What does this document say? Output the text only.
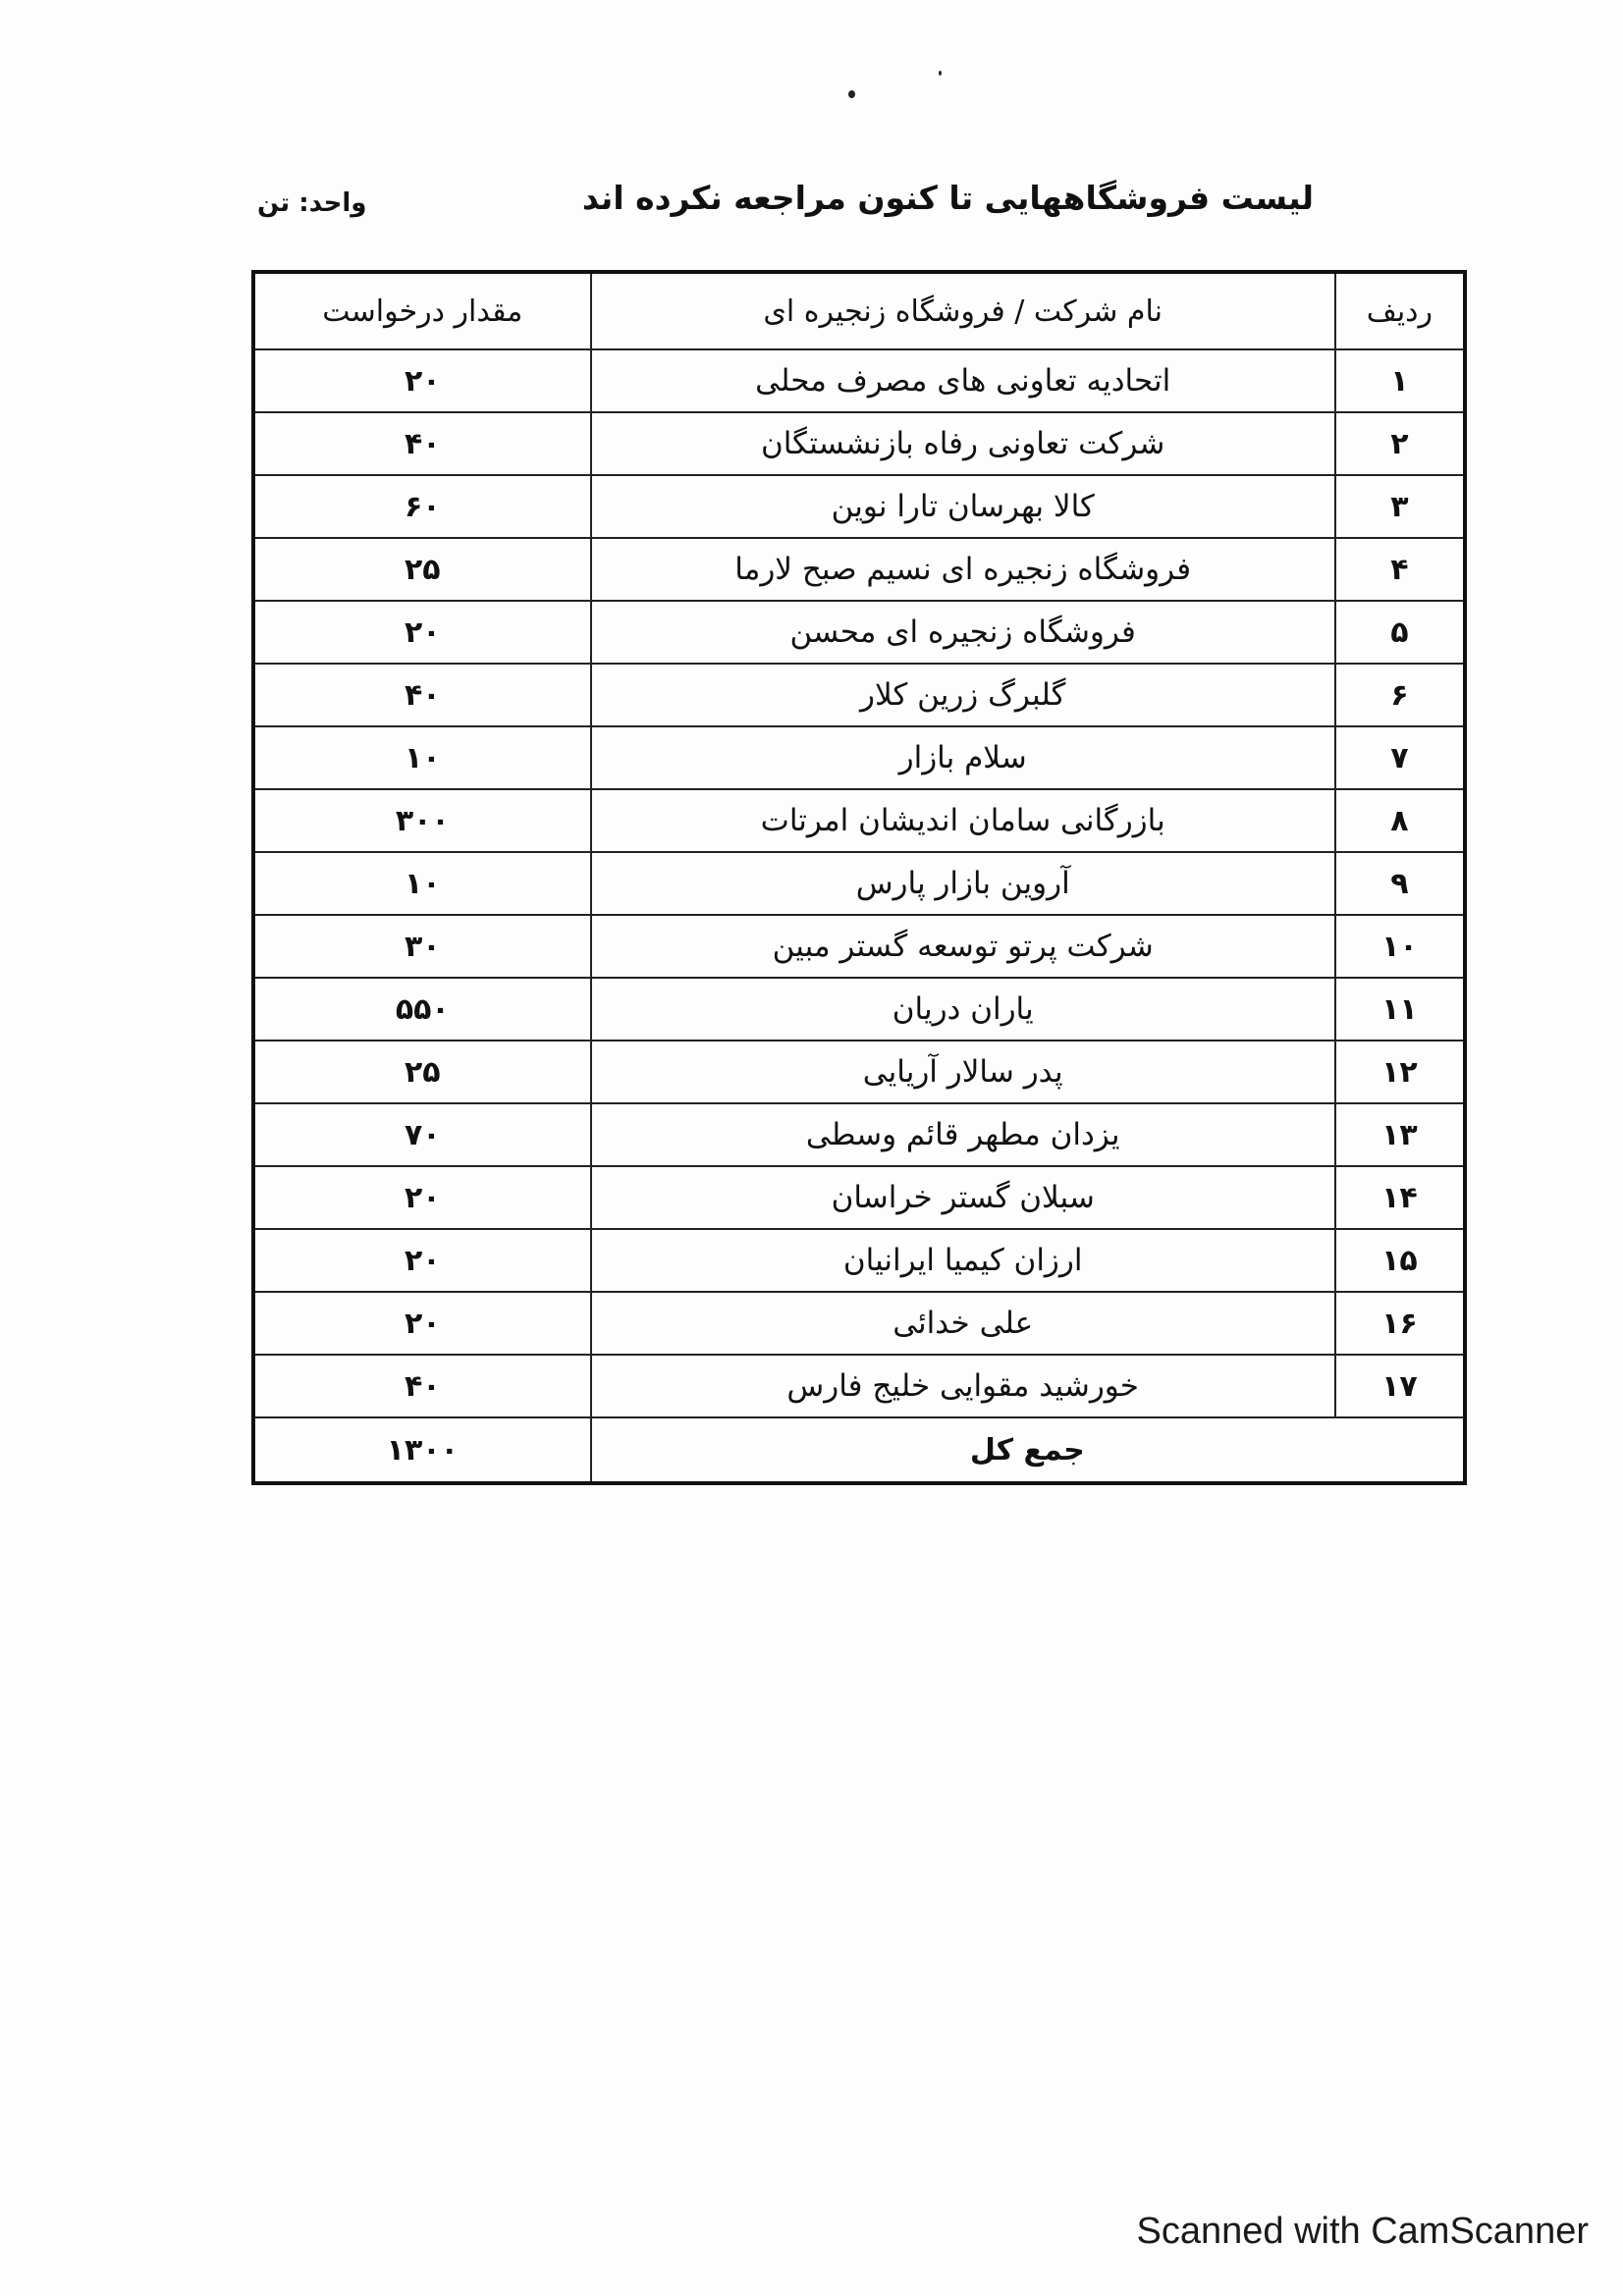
لیست فروشگاههایی تا کنون مراجعه نکرده اند
واحد: تن
ردیف	نام شرکت / فروشگاه زنجیره ای	مقدار درخواست
۱	اتحادیه تعاونی های مصرف محلی	۲۰
۲	شرکت تعاونی رفاه بازنشستگان	۴۰
۳	کالا بهرسان تارا نوین	۶۰
۴	فروشگاه زنجیره ای نسیم صبح لارما	۲۵
۵	فروشگاه زنجیره ای محسن	۲۰
۶	گلبرگ زرین کلار	۴۰
۷	سلام بازار	۱۰
۸	بازرگانی سامان اندیشان امرتات	۳۰۰
۹	آروین بازار پارس	۱۰
۱۰	شرکت پرتو توسعه گستر مبین	۳۰
۱۱	یاران دریان	۵۵۰
۱۲	پدر سالار آریایی	۲۵
۱۳	یزدان مطهر قائم وسطی	۷۰
۱۴	سبلان گستر خراسان	۲۰
۱۵	ارزان کیمیا ایرانیان	۲۰
۱۶	علی خدائی	۲۰
۱۷	خورشید مقوایی خلیج فارس	۴۰
جمع کل		۱۳۰۰
Scanned with CamScanner
